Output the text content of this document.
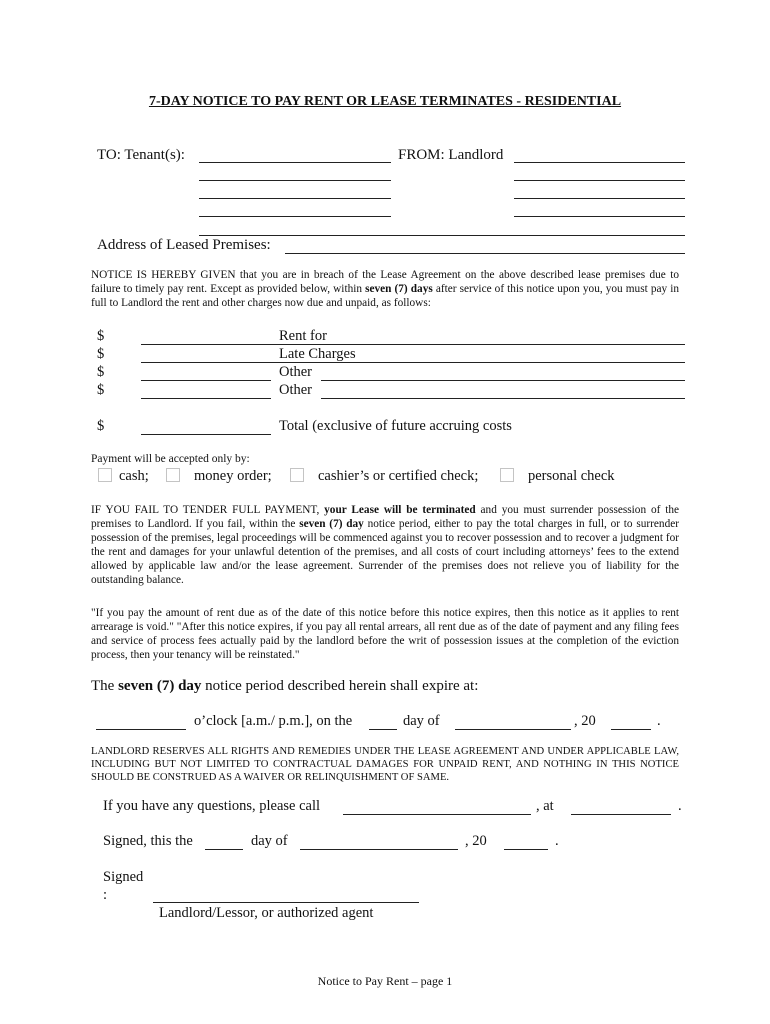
7-DAY NOTICE TO PAY RENT OR LEASE TERMINATES - RESIDENTIAL
TO: Tenant(s):	FROM: Landlord
Address of Leased Premises:
NOTICE IS HEREBY GIVEN that you are in breach of the Lease Agreement on the above described lease premises due to failure to timely pay rent. Except as provided below, within seven (7) days after service of this notice upon you, you must pay in full to Landlord the rent and other charges now due and unpaid, as follows:
$	Rent for
$	Late Charges
$	Other
$	Other
$	Total (exclusive of future accruing costs
Payment will be accepted only by:
cash;	money order;	cashier’s or certified check;	personal check
IF YOU FAIL TO TENDER FULL PAYMENT, your Lease will be terminated and you must surrender possession of the premises to Landlord. If you fail, within the seven (7) day notice period, either to pay the total charges in full, or to surrender possession of the premises, legal proceedings will be commenced against you to recover possession and to recover a judgment for the rent and damages for your unlawful detention of the premises, and all costs of court including attorneys’ fees to the extend allowed by applicable law and/or the lease agreement. Surrender of the premises does not relieve you of liability for the outstanding balance.
"If you pay the amount of rent due as of the date of this notice before this notice expires, then this notice as it applies to rent arrearage is void." "After this notice expires, if you pay all rental arrears, all rent due as of the date of payment and any filing fees and service of process fees actually paid by the landlord before the writ of possession issues at the completion of the eviction process, then your tenancy will be reinstated."
The seven (7) day notice period described herein shall expire at:
o’clock [a.m./ p.m.], on the	day of	, 20	.
LANDLORD RESERVES ALL RIGHTS AND REMEDIES UNDER THE LEASE AGREEMENT AND UNDER APPLICABLE LAW, INCLUDING BUT NOT LIMITED TO CONTRACTUAL DAMAGES FOR UNPAID RENT, AND NOTHING IN THIS NOTICE SHOULD BE CONSTRUED AS A WAIVER OR RELINQUISHMENT OF SAME.
If you have any questions, please call	, at	.
Signed, this the	day of	, 20	.
Signed
:
Landlord/Lessor, or authorized agent
Notice to Pay Rent – page 1
